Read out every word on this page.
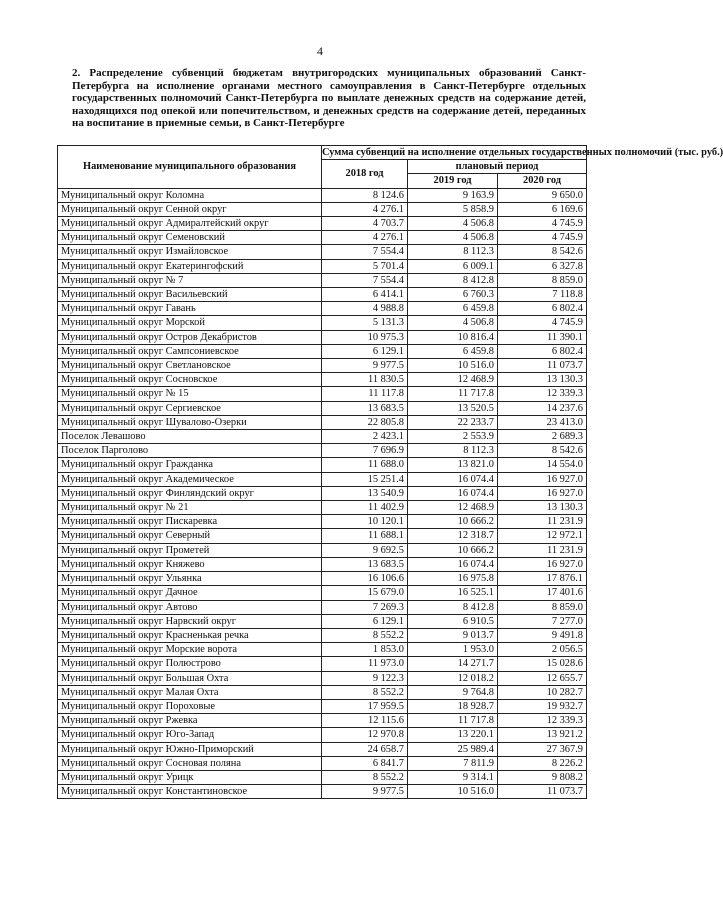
4
2. Распределение субвенций бюджетам внутригородских муниципальных образований Санкт-Петербурга на исполнение органами местного самоуправления в Санкт-Петербурге отдельных государственных полномочий Санкт-Петербурга по выплате денежных средств на содержание детей, находящихся под опекой или попечительством, и денежных средств на содержание детей, переданных на воспитание в приемные семьи, в Санкт-Петербурге
Наименование муниципального образования	Сумма субвенций на исполнение отдельных государственных полномочий (тыс. руб.)		
	2018 год	плановый период	
		2019 год	2020 год
Муниципальный округ Коломна	8 124.6	9 163.9	9 650.0
Муниципальный округ Сенной округ	4 276.1	5 858.9	6 169.6
Муниципальный округ Адмиралтейский округ	4 703.7	4 506.8	4 745.9
Муниципальный округ Семеновский	4 276.1	4 506.8	4 745.9
Муниципальный округ Измайловское	7 554.4	8 112.3	8 542.6
Муниципальный округ Екатерингофский	5 701.4	6 009.1	6 327.8
Муниципальный округ № 7	7 554.4	8 412.8	8 859.0
Муниципальный округ Васильевский	6 414.1	6 760.3	7 118.8
Муниципальный округ Гавань	4 988.8	6 459.8	6 802.4
Муниципальный округ Морской	5 131.3	4 506.8	4 745.9
Муниципальный округ Остров Декабристов	10 975.3	10 816.4	11 390.1
Муниципальный округ Сампсониевское	6 129.1	6 459.8	6 802.4
Муниципальный округ Светлановское	9 977.5	10 516.0	11 073.7
Муниципальный округ Сосновское	11 830.5	12 468.9	13 130.3
Муниципальный округ № 15	11 117.8	11 717.8	12 339.3
Муниципальный округ Сергиевское	13 683.5	13 520.5	14 237.6
Муниципальный округ Шувалово-Озерки	22 805.8	22 233.7	23 413.0
Поселок Левашово	2 423.1	2 553.9	2 689.3
Поселок Парголово	7 696.9	8 112.3	8 542.6
Муниципальный округ Гражданка	11 688.0	13 821.0	14 554.0
Муниципальный округ Академическое	15 251.4	16 074.4	16 927.0
Муниципальный округ Финляндский округ	13 540.9	16 074.4	16 927.0
Муниципальный округ № 21	11 402.9	12 468.9	13 130.3
Муниципальный округ Пискаревка	10 120.1	10 666.2	11 231.9
Муниципальный округ Северный	11 688.1	12 318.7	12 972.1
Муниципальный округ Прометей	9 692.5	10 666.2	11 231.9
Муниципальный округ Княжево	13 683.5	16 074.4	16 927.0
Муниципальный округ Ульянка	16 106.6	16 975.8	17 876.1
Муниципальный округ Дачное	15 679.0	16 525.1	17 401.6
Муниципальный округ Автово	7 269.3	8 412.8	8 859.0
Муниципальный округ Нарвский округ	6 129.1	6 910.5	7 277.0
Муниципальный округ Красненькая речка	8 552.2	9 013.7	9 491.8
Муниципальный округ Морские ворота	1 853.0	1 953.0	2 056.5
Муниципальный округ Полюстрово	11 973.0	14 271.7	15 028.6
Муниципальный округ Большая Охта	9 122.3	12 018.2	12 655.7
Муниципальный округ Малая Охта	8 552.2	9 764.8	10 282.7
Муниципальный округ Пороховые	17 959.5	18 928.7	19 932.7
Муниципальный округ Ржевка	12 115.6	11 717.8	12 339.3
Муниципальный округ Юго-Запад	12 970.8	13 220.1	13 921.2
Муниципальный округ Южно-Приморский	24 658.7	25 989.4	27 367.9
Муниципальный округ Сосновая поляна	6 841.7	7 811.9	8 226.2
Муниципальный округ Урицк	8 552.2	9 314.1	9 808.2
Муниципальный округ Константиновское	9 977.5	10 516.0	11 073.7
